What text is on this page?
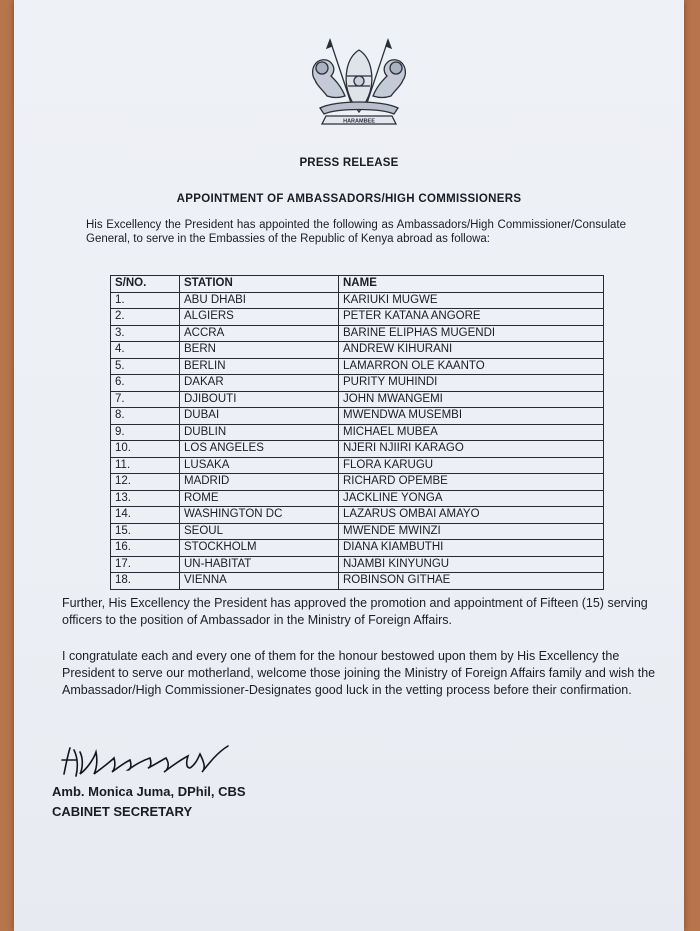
HARAMBEE
PRESS RELEASE
APPOINTMENT OF AMBASSADORS/HIGH COMMISSIONERS
His Excellency the President has appointed the following as Ambassadors/High Commissioner/Consulate General, to serve in the Embassies of the Republic of Kenya abroad as followa:
S/NO.	STATION	NAME
1.	ABU DHABI	KARIUKI MUGWE
2.	ALGIERS	PETER KATANA ANGORE
3.	ACCRA	BARINE ELIPHAS MUGENDI
4.	BERN	ANDREW KIHURANI
5.	BERLIN	LAMARRON OLE KAANTO
6.	DAKAR	PURITY MUHINDI
7.	DJIBOUTI	JOHN MWANGEMI
8.	DUBAI	MWENDWA MUSEMBI
9.	DUBLIN	MICHAEL MUBEA
10.	LOS ANGELES	NJERI NJIIRI KARAGO
11.	LUSAKA	FLORA KARUGU
12.	MADRID	RICHARD OPEMBE
13.	ROME	JACKLINE YONGA
14.	WASHINGTON DC	LAZARUS OMBAI AMAYO
15.	SEOUL	MWENDE MWINZI
16.	STOCKHOLM	DIANA KIAMBUTHI
17.	UN-HABITAT	NJAMBI KINYUNGU
18.	VIENNA	ROBINSON GITHAE
Further, His Excellency the President has approved the promotion and appointment of Fifteen (15) serving officers to the position of Ambassador in the Ministry of Foreign Affairs.
I congratulate each and every one of them for the honour bestowed upon them by His Excellency the President to serve our motherland, welcome those joining the Ministry of Foreign Affairs family and wish the Ambassador/High Commissioner-Designates good luck in the vetting process before their confirmation.
Amb. Monica Juma, DPhil, CBS
CABINET SECRETARY
